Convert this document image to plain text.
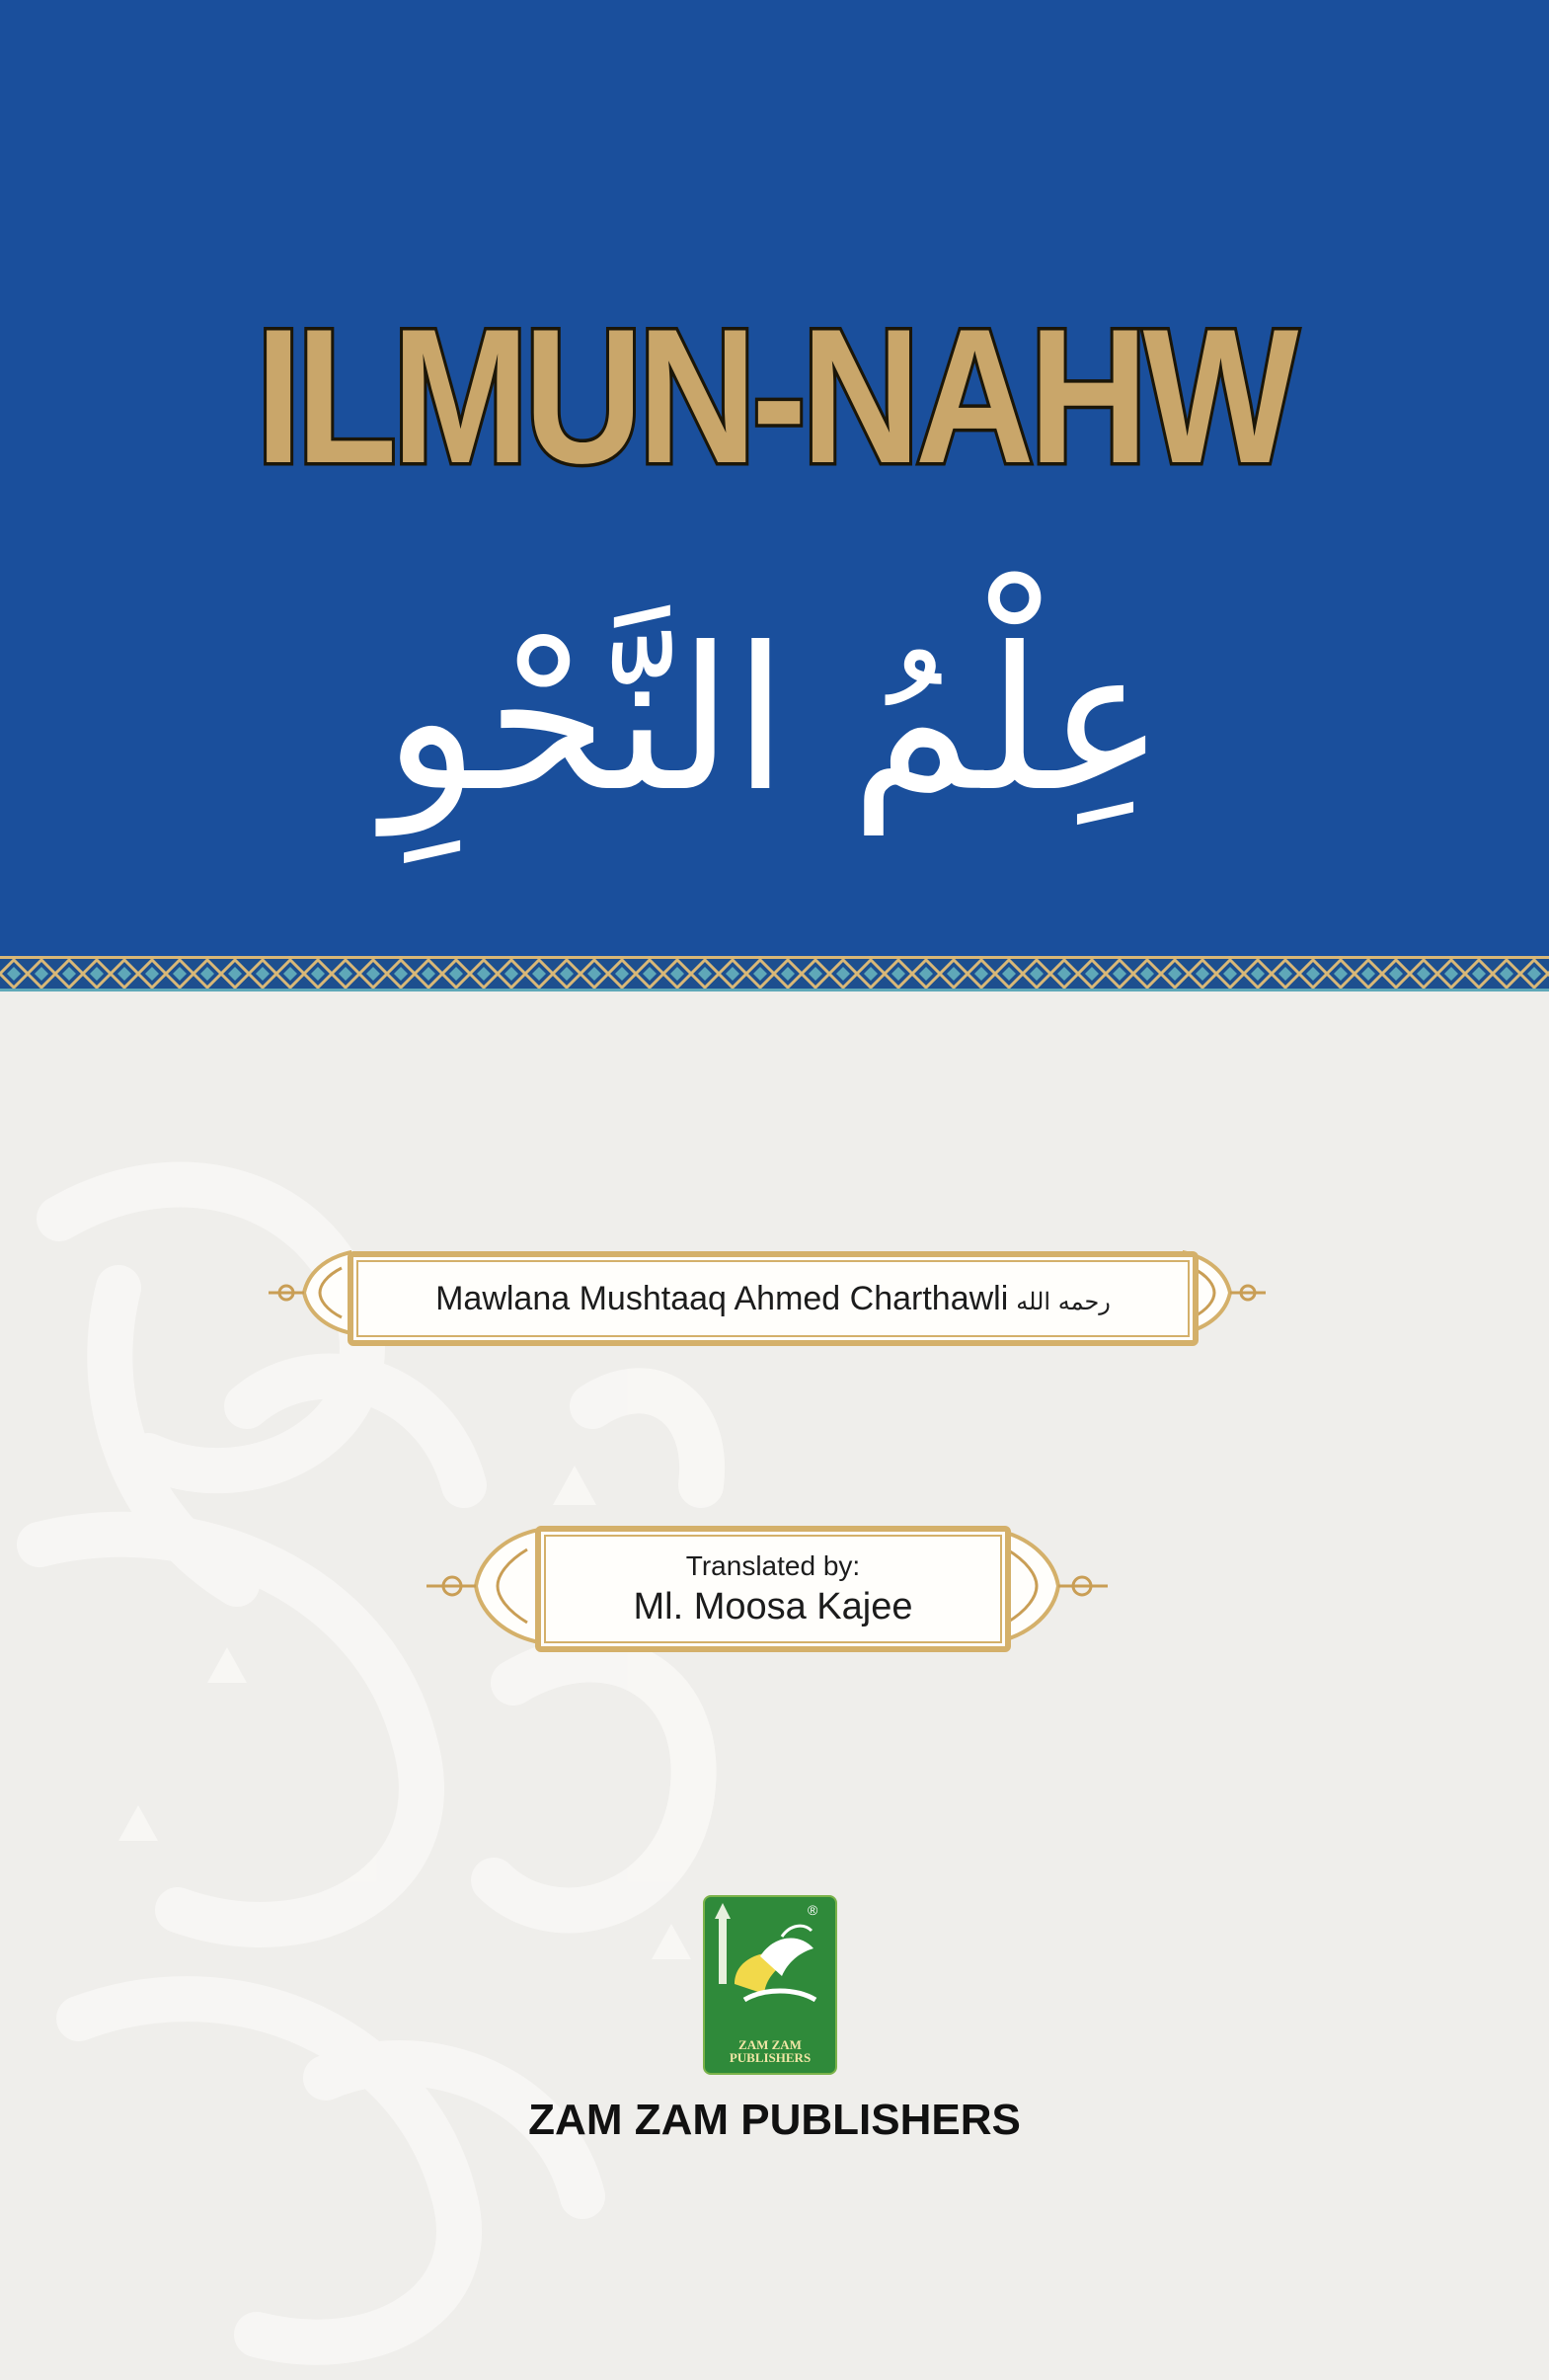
ILMUN-NAHW
عِلْمُ النَّحْوِ
Mawlana Mushtaaq Ahmed Charthawli رحمه الله
Translated by:
Ml. Moosa Kajee
ZAM ZAM
PUBLISHERS
®
ZAM ZAM PUBLISHERS
